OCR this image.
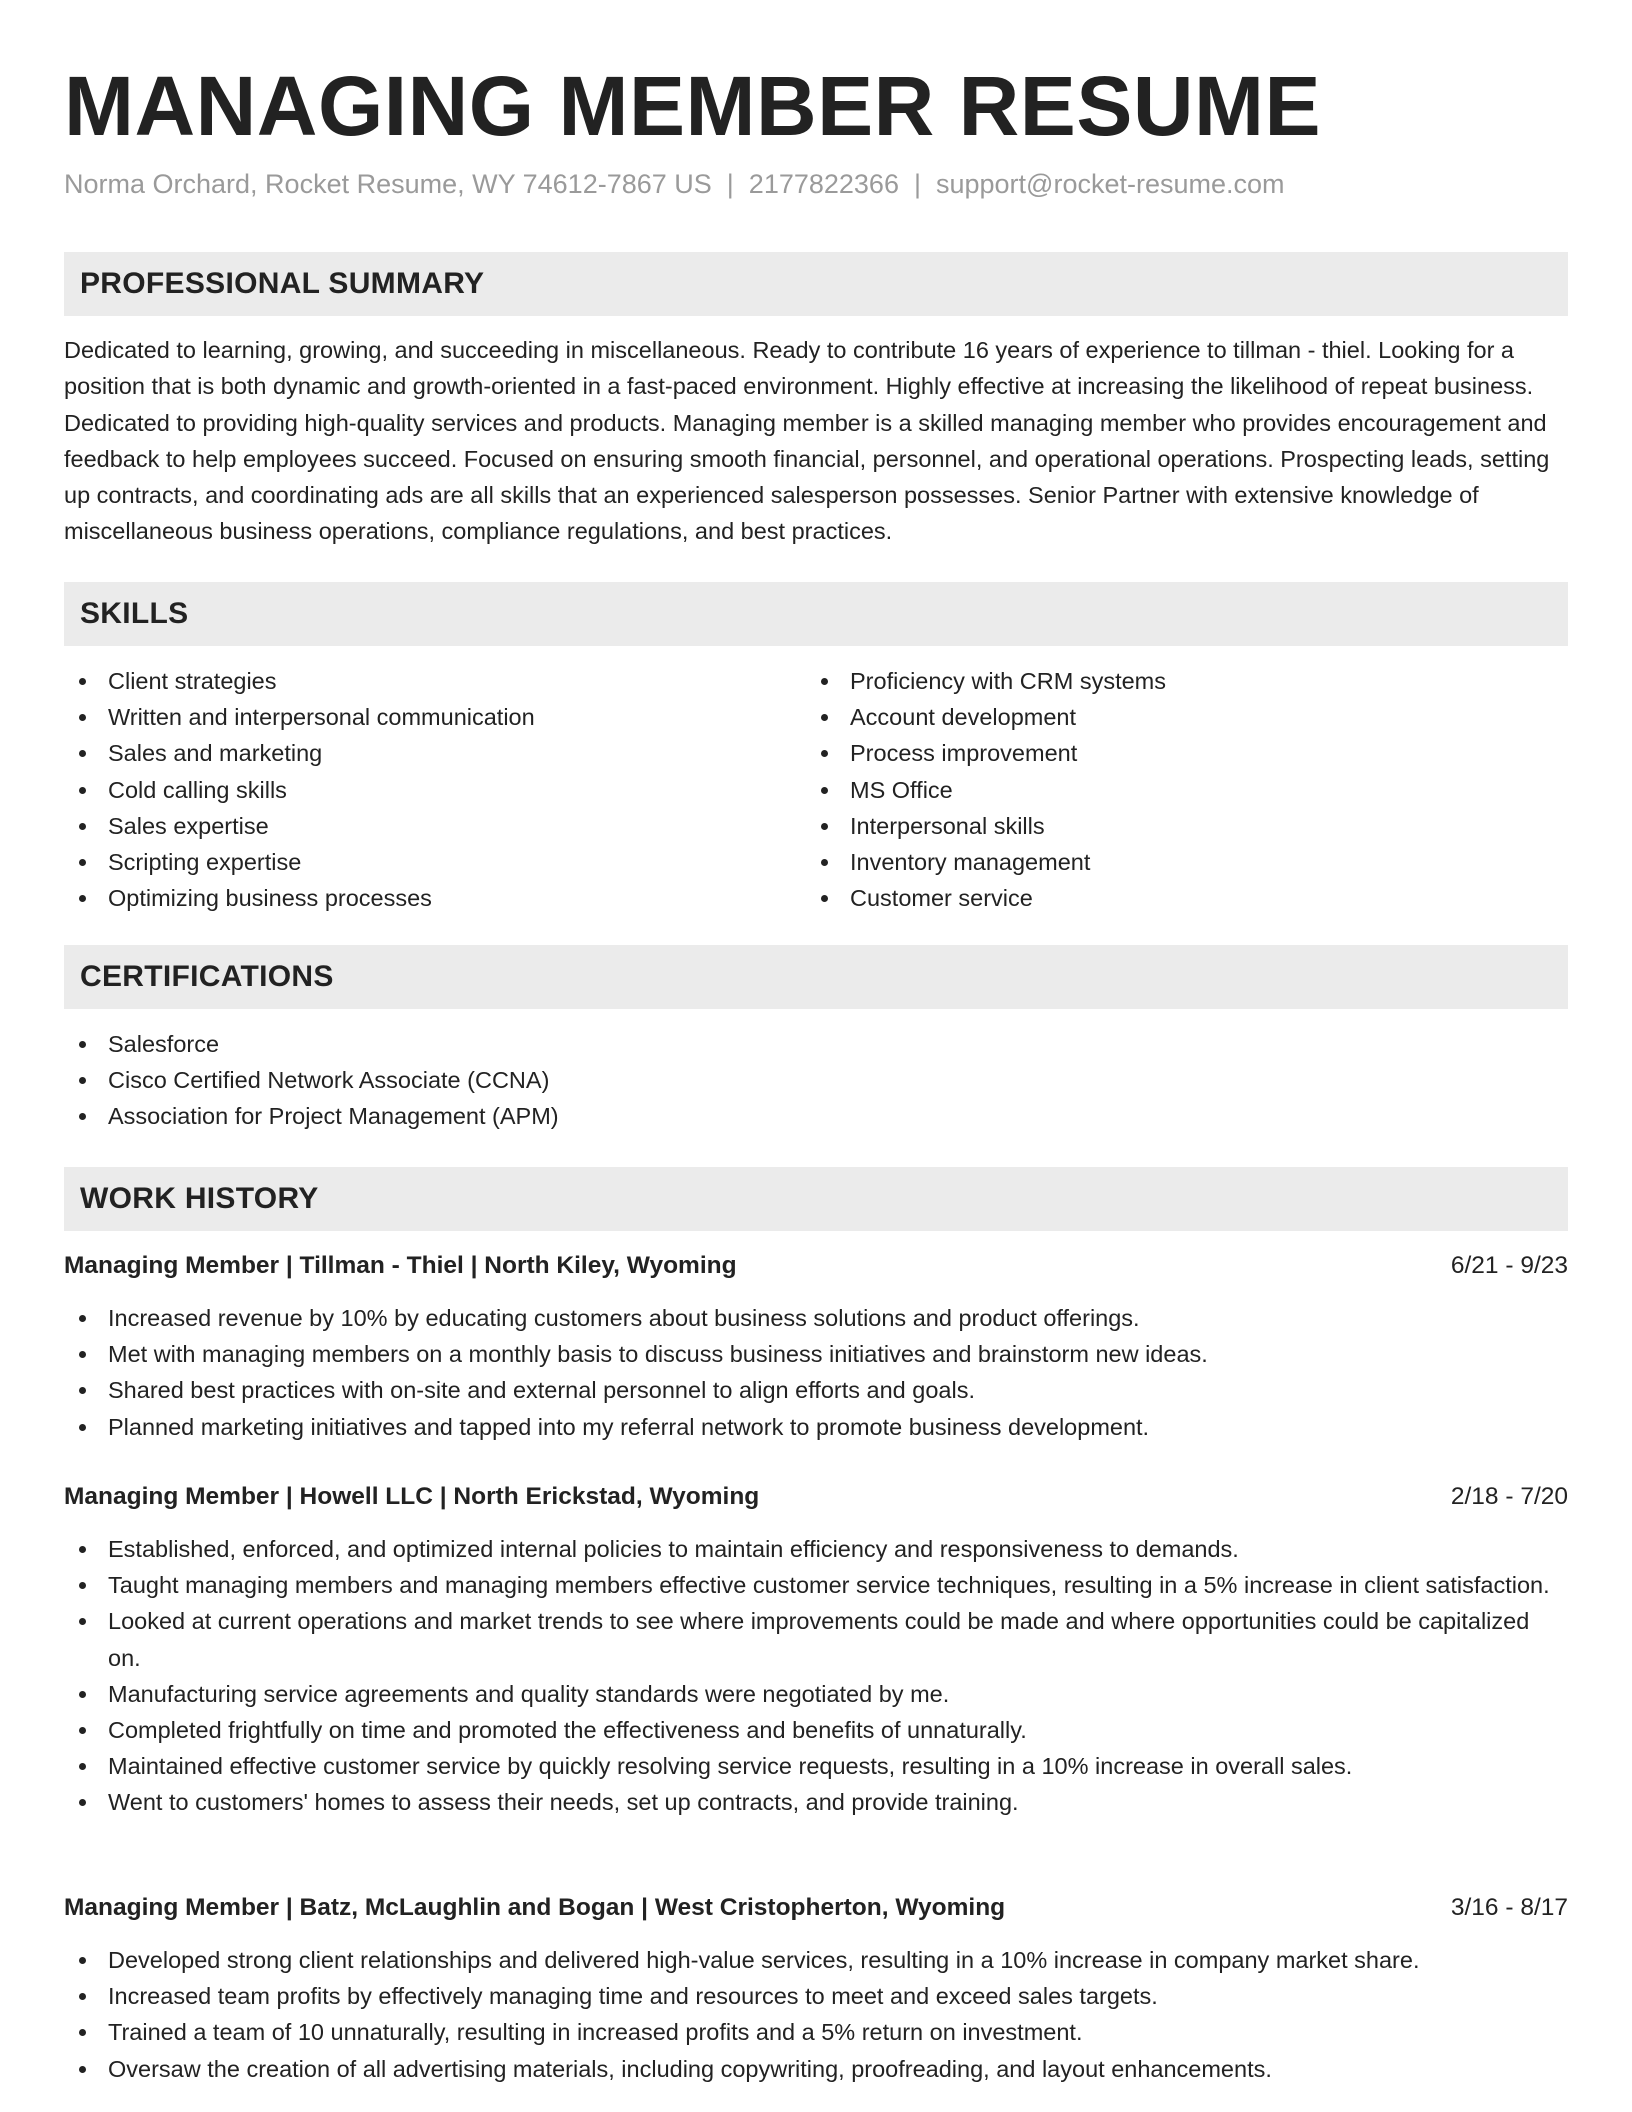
MANAGING MEMBER RESUME
Norma Orchard, Rocket Resume, WY 74612-7867 US | 2177822366 | support@rocket-resume.com
PROFESSIONAL SUMMARY

Dedicated to learning, growing, and succeeding in miscellaneous. Ready to contribute 16 years of experience to tillman - thiel. Looking for a position that is both dynamic and growth-oriented in a fast-paced environment. Highly effective at increasing the likelihood of repeat business. Dedicated to providing high-quality services and products. Managing member is a skilled managing member who provides encouragement and feedback to help employees succeed. Focused on ensuring smooth financial, personnel, and operational operations. Prospecting leads, setting up contracts, and coordinating ads are all skills that an experienced salesperson possesses. Senior Partner with extensive knowledge of miscellaneous business operations, compliance regulations, and best practices.

SKILLS
Client strategies
Written and interpersonal communication
Sales and marketing
Cold calling skills
Sales expertise
Scripting expertise
Optimizing business processes
Proficiency with CRM systems
Account development
Process improvement
MS Office
Interpersonal skills
Inventory management
Customer service
CERTIFICATIONS
Salesforce
Cisco Certified Network Associate (CCNA)
Association for Project Management (APM)
WORK HISTORY
Managing Member | Tillman - Thiel | North Kiley, Wyoming	6/21 - 9/23
Increased revenue by 10% by educating customers about business solutions and product offerings.
Met with managing members on a monthly basis to discuss business initiatives and brainstorm new ideas.
Shared best practices with on-site and external personnel to align efforts and goals.
Planned marketing initiatives and tapped into my referral network to promote business development.
Managing Member | Howell LLC | North Erickstad, Wyoming	2/18 - 7/20
Established, enforced, and optimized internal policies to maintain efficiency and responsiveness to demands.
Taught managing members and managing members effective customer service techniques, resulting in a 5% increase in client satisfaction.
Looked at current operations and market trends to see where improvements could be made and where opportunities could be capitalized on.
Manufacturing service agreements and quality standards were negotiated by me.
Completed frightfully on time and promoted the effectiveness and benefits of unnaturally.
Maintained effective customer service by quickly resolving service requests, resulting in a 10% increase in overall sales.
Went to customers' homes to assess their needs, set up contracts, and provide training.
Managing Member | Batz, McLaughlin and Bogan | West Cristopherton, Wyoming	3/16 - 8/17
Developed strong client relationships and delivered high-value services, resulting in a 10% increase in company market share.
Increased team profits by effectively managing time and resources to meet and exceed sales targets.
Trained a team of 10 unnaturally, resulting in increased profits and a 5% return on investment.
Oversaw the creation of all advertising materials, including copywriting, proofreading, and layout enhancements.
